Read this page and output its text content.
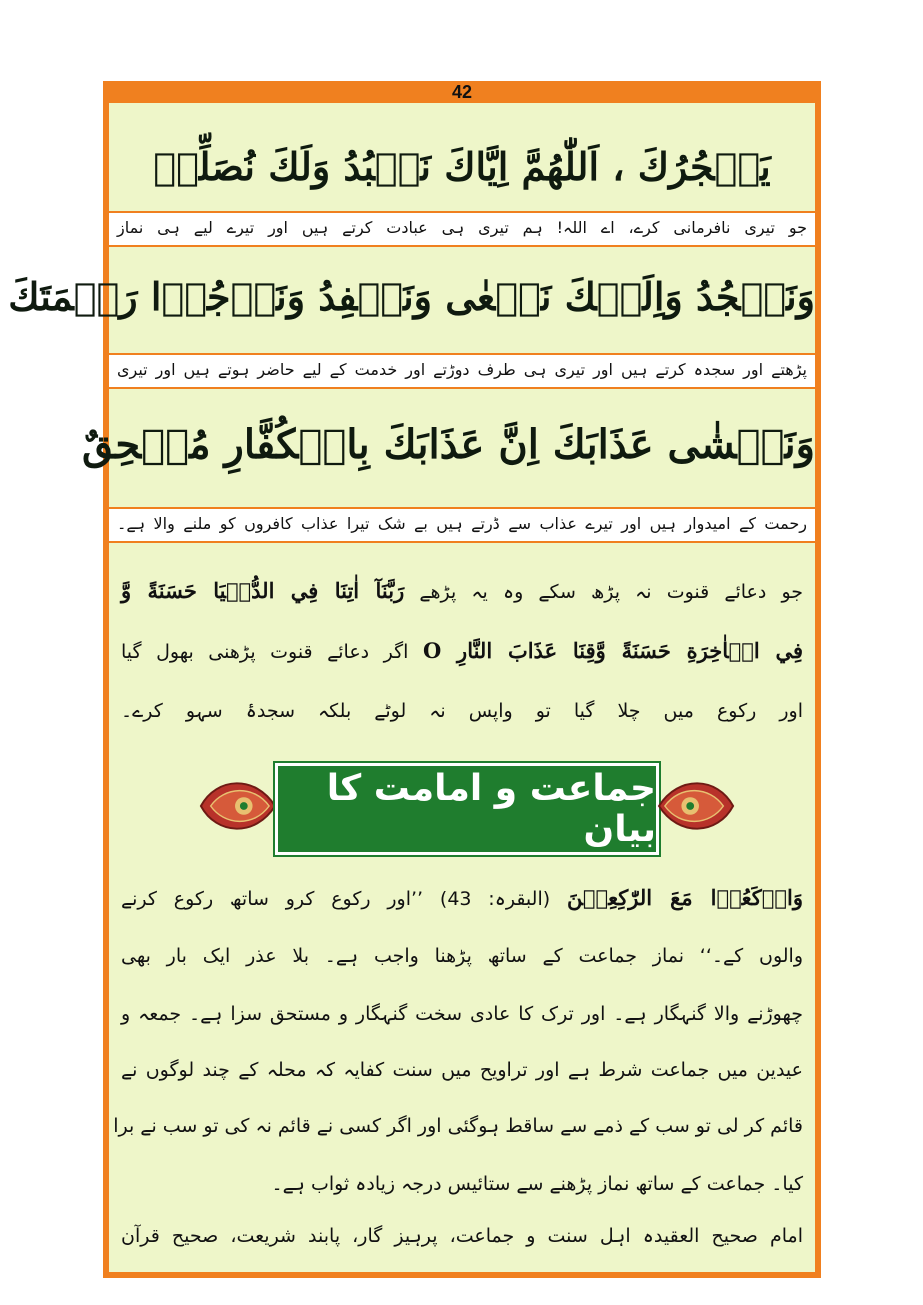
42
يَفۡجُرُكَ ، اَللّٰهُمَّ اِيَّاكَ نَعۡبُدُ وَلَكَ نُصَلِّيۡ
جو تیری نافرمانی کرے، اے اللہ! ہم تیری ہی عبادت کرتے ہیں اور تیرے لیے ہی نماز
وَنَسۡجُدُ وَاِلَيۡكَ نَسۡعٰى وَنَحۡفِدُ وَنَرۡجُوۡا رَحۡمَتَكَ
پڑھتے اور سجدہ کرتے ہیں اور تیری ہی طرف دوڑتے اور خدمت کے لیے حاضر ہوتے ہیں اور تیری
وَنَخۡشٰى عَذَابَكَ اِنَّ عَذَابَكَ بِالۡكُفَّارِ مُلۡحِقٌ
رحمت کے امیدوار ہیں اور تیرے عذاب سے ڈرتے ہیں بے شک تیرا عذاب کافروں کو ملنے والا ہے۔
جو دعائے قنوت نہ پڑھ سکے وہ یہ پڑھے رَبَّنَآ اٰتِنَا فِي الدُّنۡيَا حَسَنَةً وَّ
فِي الۡاٰخِرَةِ حَسَنَةً وَّقِنَا عَذَابَ النَّارِ O اگر دعائے قنوت پڑھنی بھول گیا
اور رکوع میں چلا گیا تو واپس نہ لوٹے بلکہ سجدۂ سہو کرے۔
جماعت و امامت کا بیان
وَارۡكَعُوۡا مَعَ الرّٰكِعِيۡنَ (البقرہ: 43) ’’اور رکوع کرو ساتھ رکوع کرنے
والوں کے۔‘‘ نماز جماعت کے ساتھ پڑھنا واجب ہے۔ بلا عذر ایک بار بھی
چھوڑنے والا گنہگار ہے۔ اور ترک کا عادی سخت گنہگار و مستحق سزا ہے۔ جمعہ و
عیدین میں جماعت شرط ہے اور تراویح میں سنت کفایہ کہ محلہ کے چند لوگوں نے
قائم کر لی تو سب کے ذمے سے ساقط ہوگئی اور اگر کسی نے قائم نہ کی تو سب نے برا
کیا۔ جماعت کے ساتھ نماز پڑھنے سے ستائیس درجہ زیادہ ثواب ہے۔
امام صحیح العقیدہ اہل سنت و جماعت، پرہیز گار، پابند شریعت، صحیح قرآن
